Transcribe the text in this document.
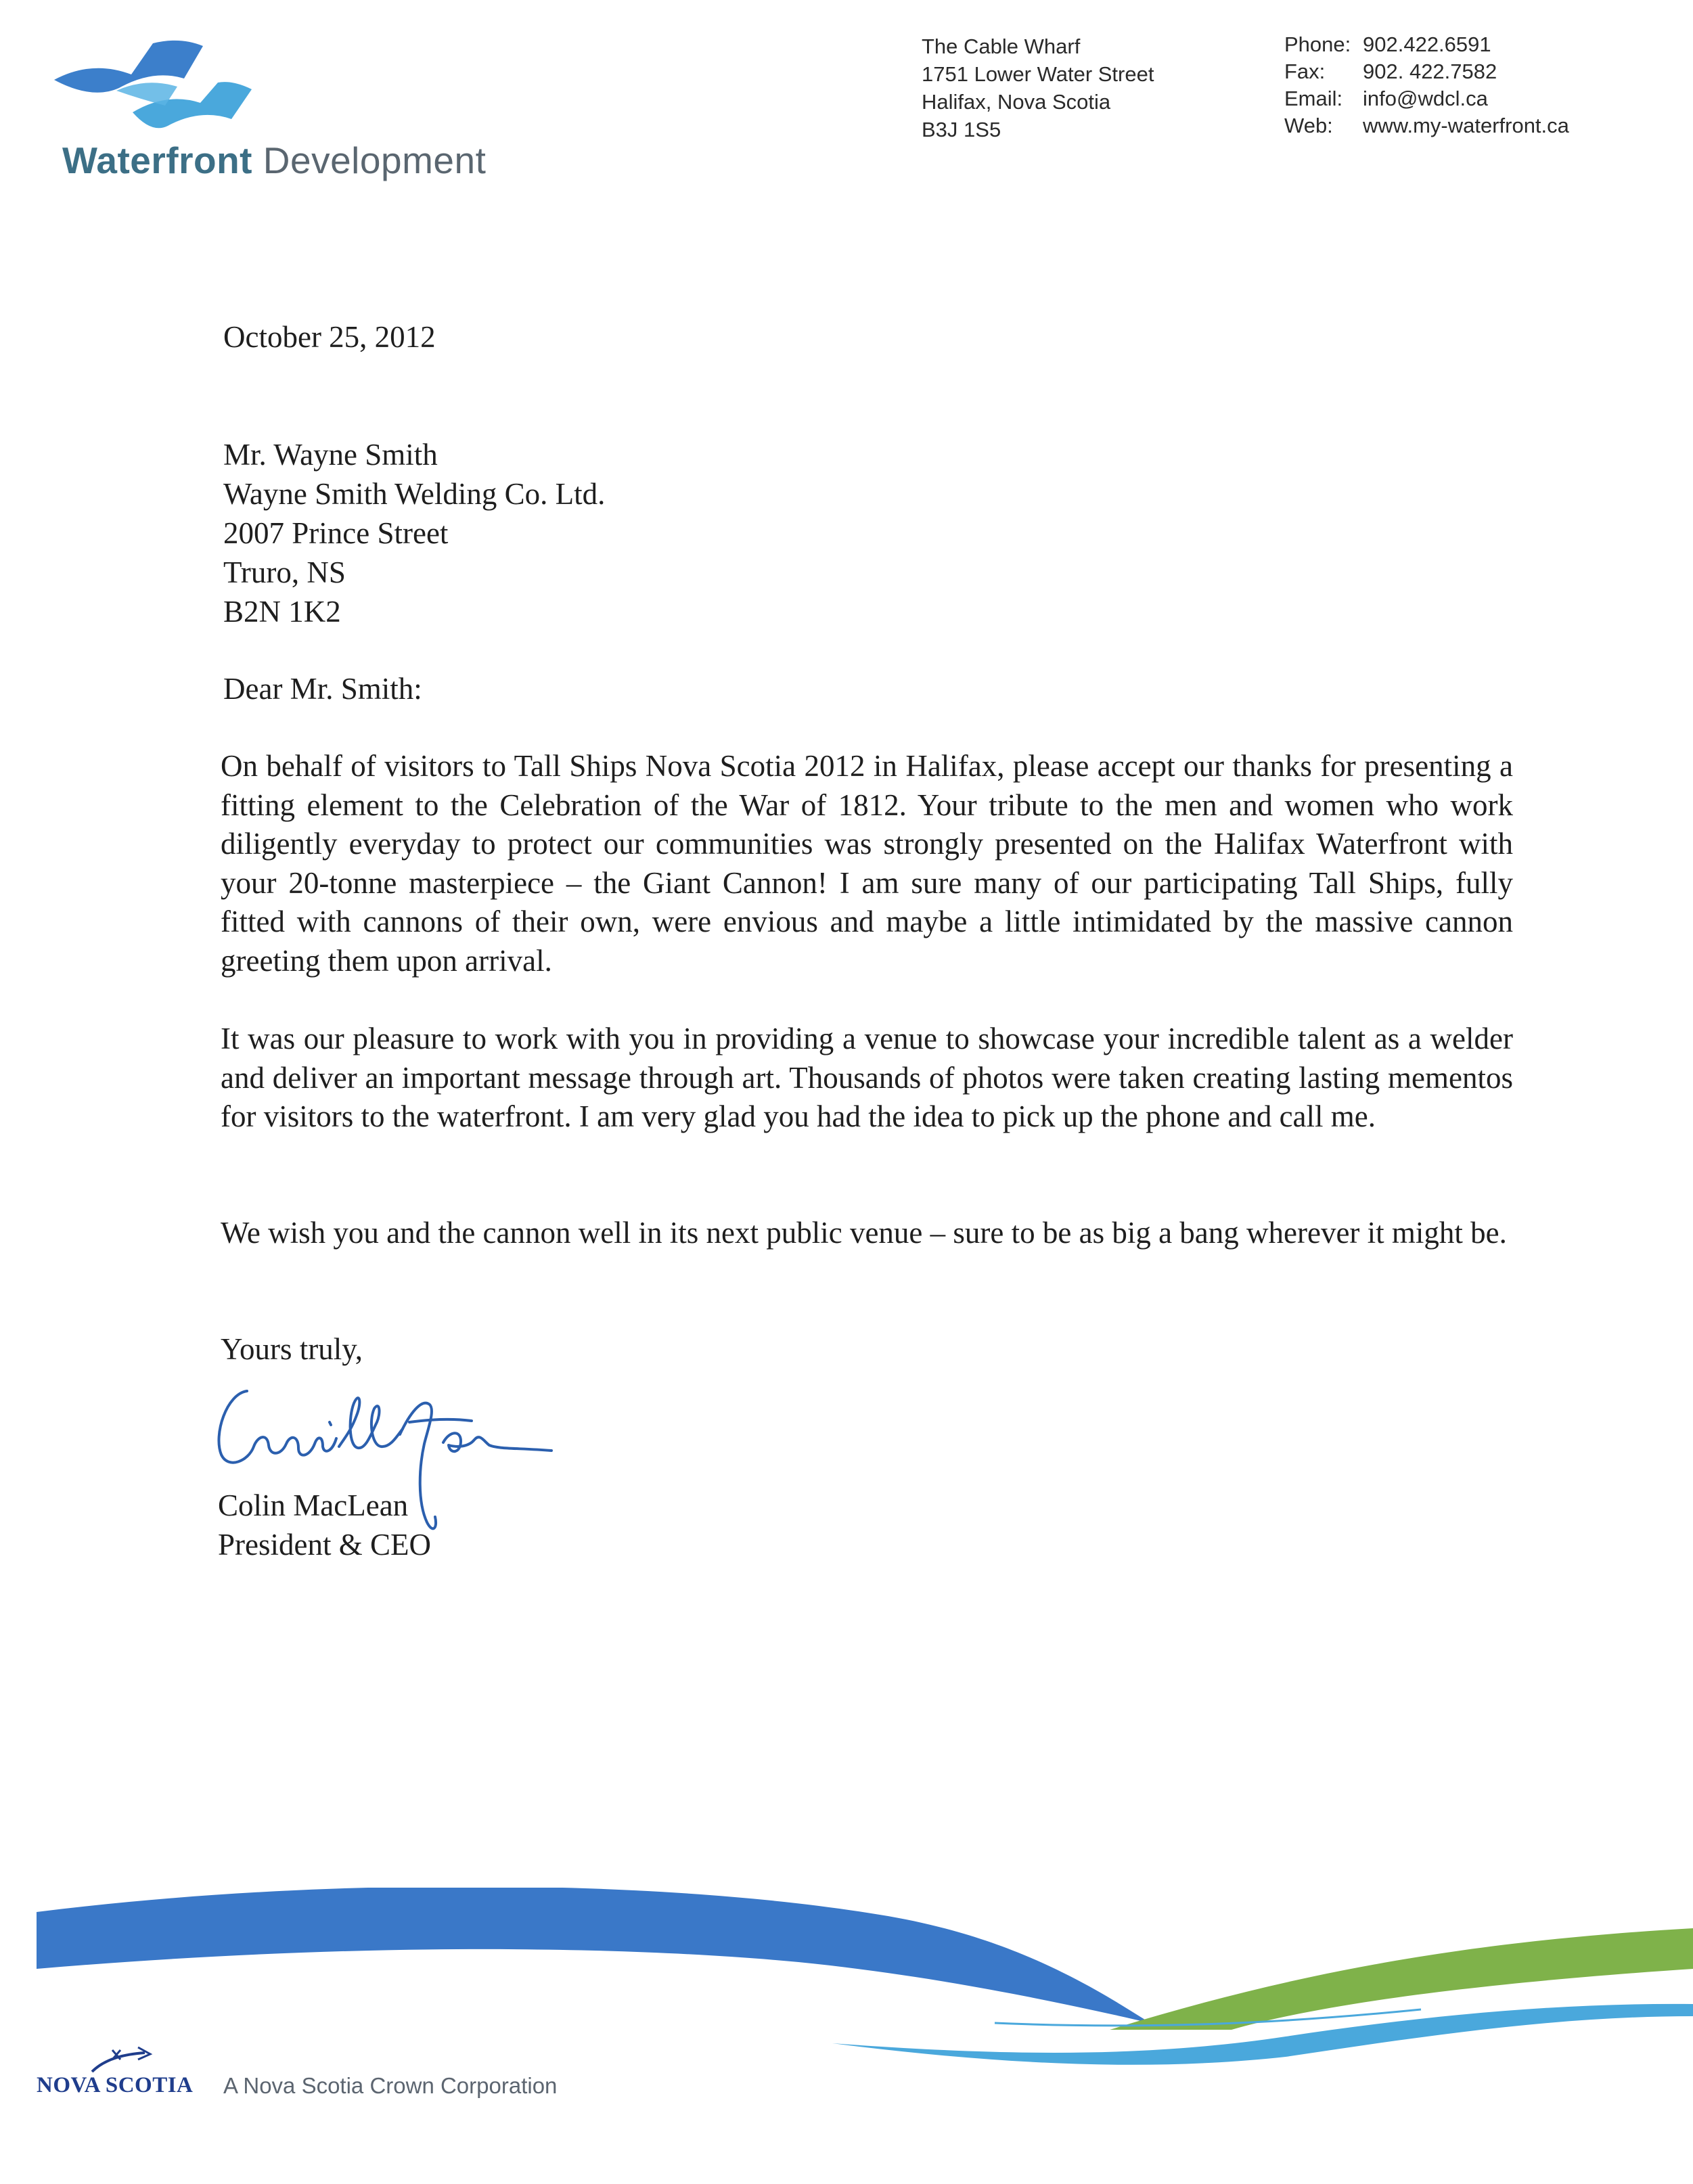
Waterfront Development
The Cable Wharf
1751 Lower Water Street
Halifax, Nova Scotia
B3J 1S5
Phone: 902.422.6591
Fax: 902. 422.7582
Email: info@wdcl.ca
Web: www.my-waterfront.ca
October 25, 2012
Mr. Wayne Smith
Wayne Smith Welding Co. Ltd.
2007 Prince Street
Truro, NS
B2N 1K2
Dear Mr. Smith:

On behalf of visitors to Tall Ships Nova Scotia 2012 in Halifax, please accept our thanks for presenting a fitting element to the Celebration of the War of 1812. Your tribute to the men and women who work diligently everyday to protect our communities was strongly presented on the Halifax Waterfront with your 20-tonne masterpiece – the Giant Cannon! I am sure many of our participating Tall Ships, fully fitted with cannons of their own, were envious and maybe a little intimidated by the massive cannon greeting them upon arrival.

It was our pleasure to work with you in providing a venue to showcase your incredible talent as a welder and deliver an important message through art. Thousands of photos were taken creating lasting mementos for visitors to the waterfront. I am very glad you had the idea to pick up the phone and call me.

We wish you and the cannon well in its next public venue – sure to be as big a bang wherever it might be.

Yours truly,
Colin MacLean
President & CEO
NOVA SCOTIA A Nova Scotia Crown Corporation
